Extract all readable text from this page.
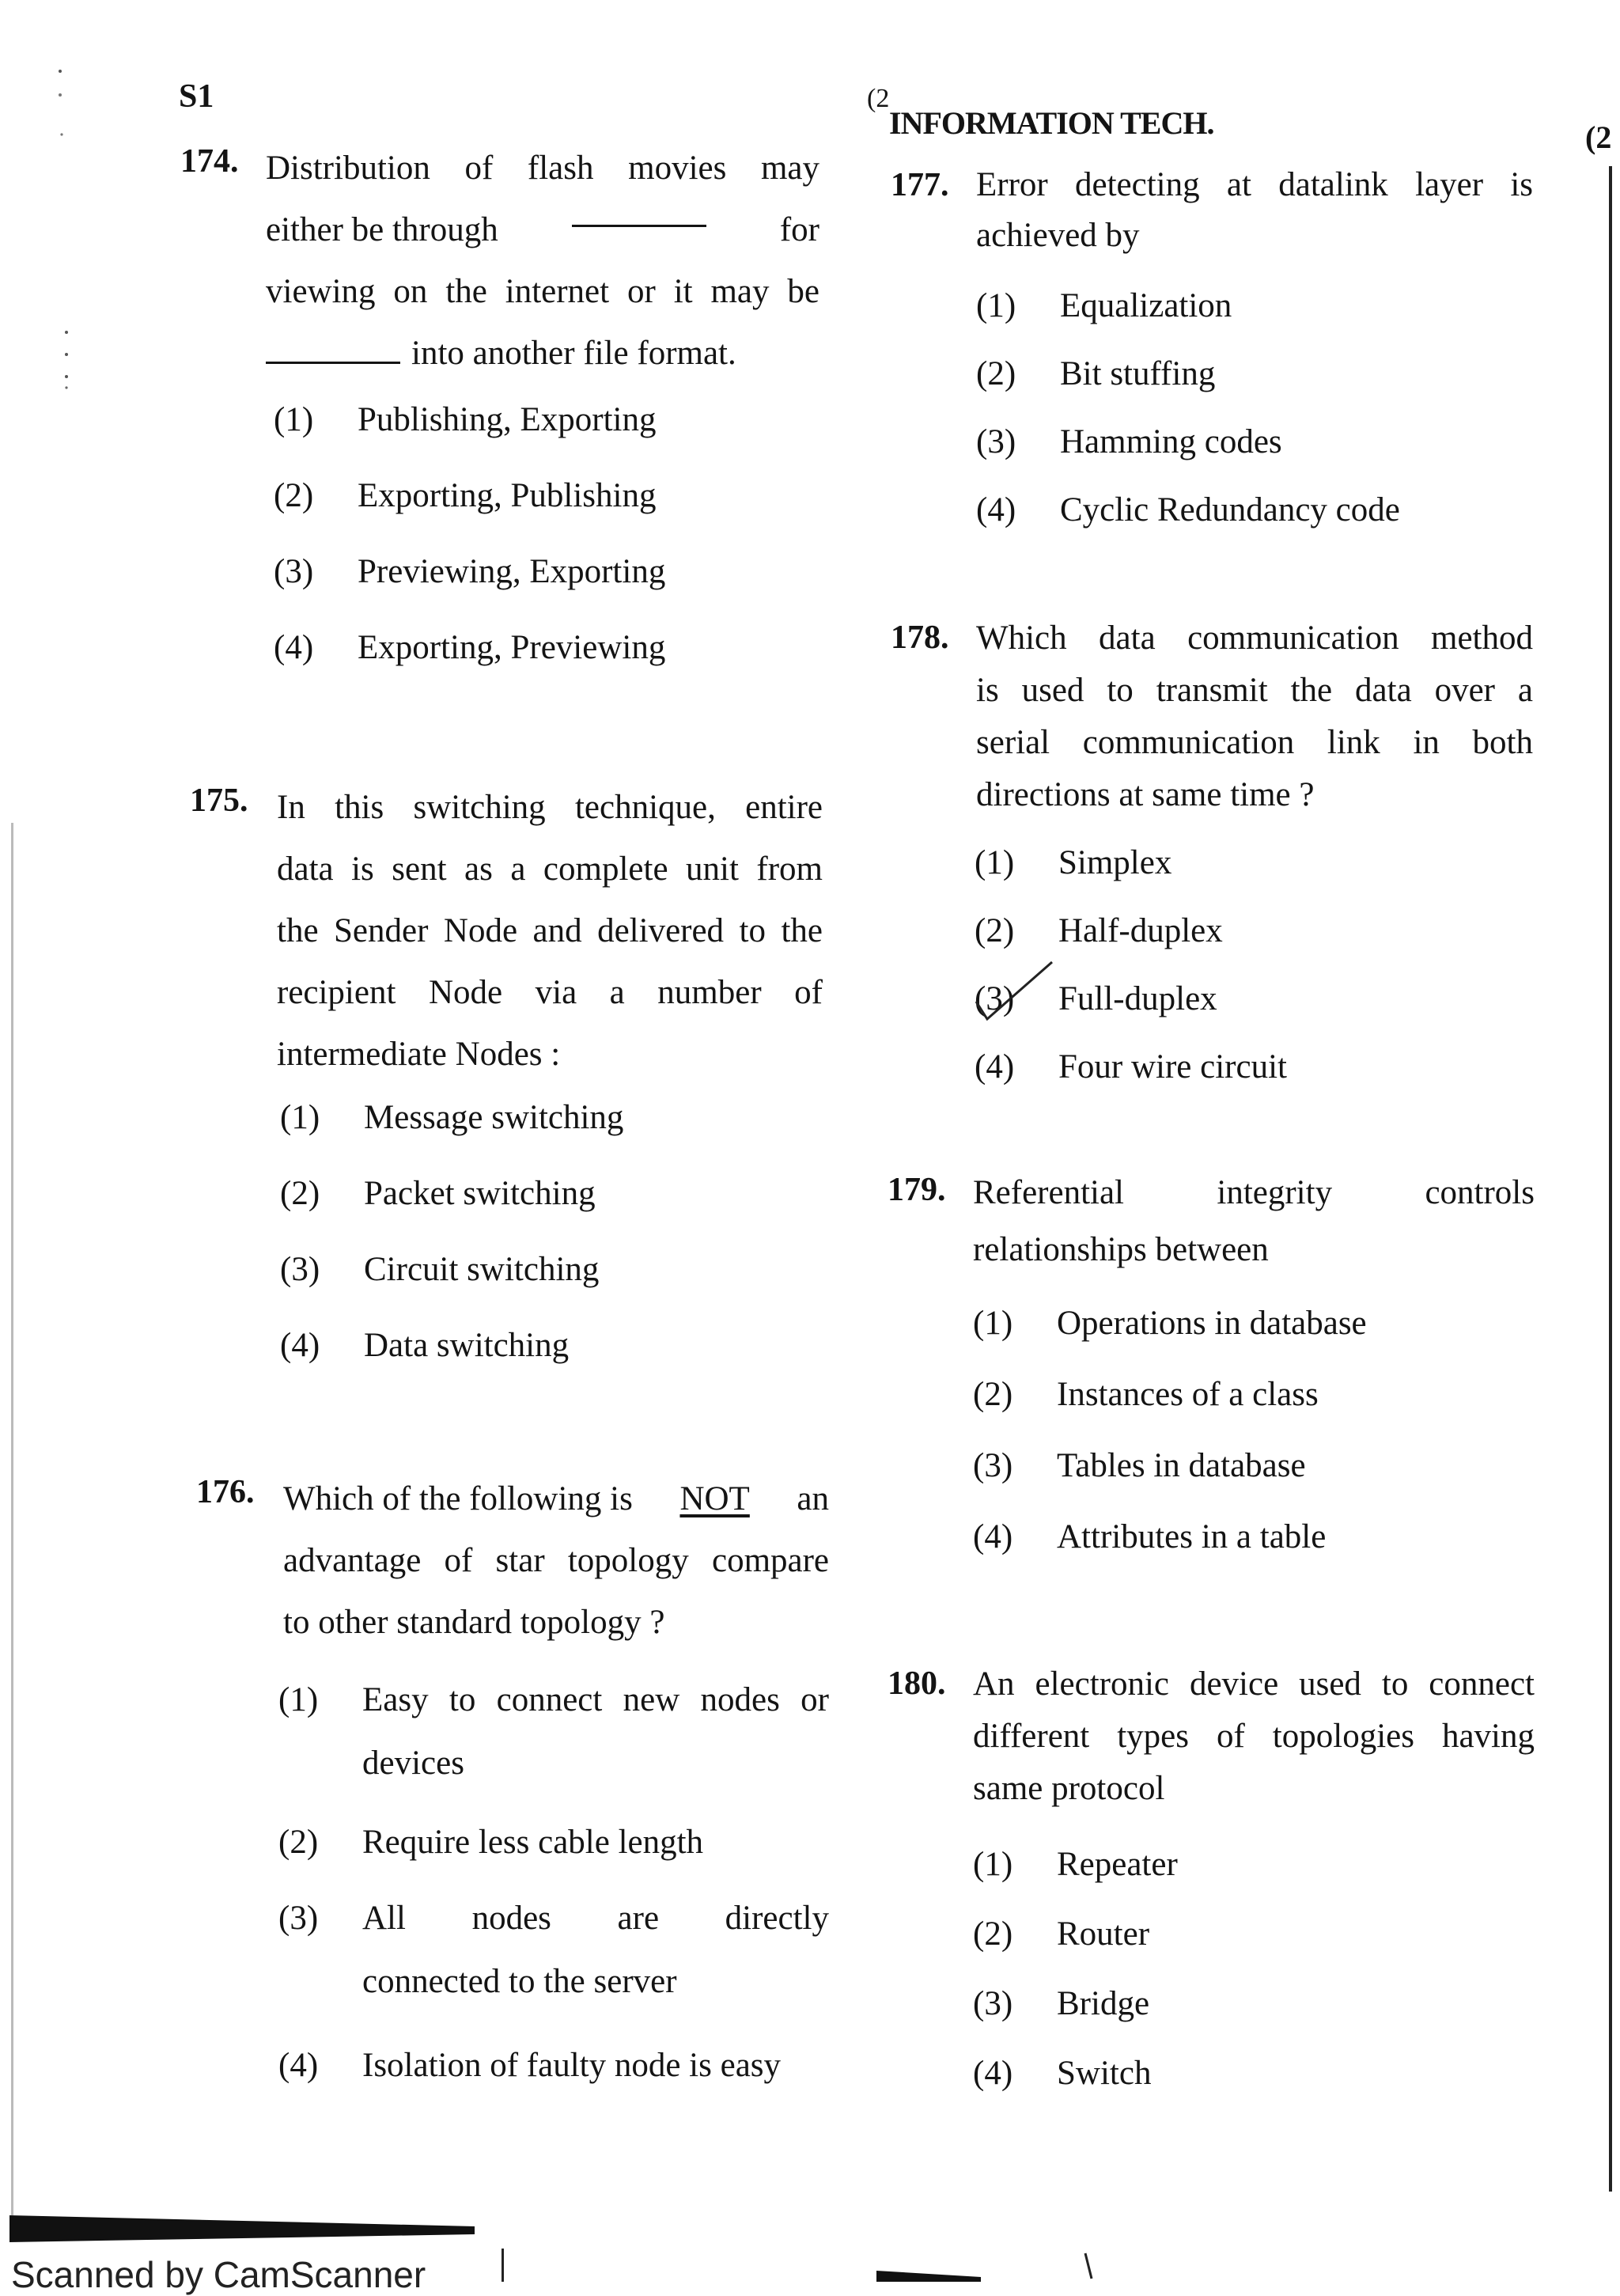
S1	(2
INFORMATION TECH.	(2
174. Distribution of flash movies may
either be through	for
viewing on the internet or it may be
into another file format.
(1) Publishing, Exporting
(2) Exporting, Publishing
(3) Previewing, Exporting
(4) Exporting, Previewing
175. In this switching technique, entire
data is sent as a complete unit from
the Sender Node and delivered to the
recipient Node via a number of
intermediate Nodes :
(1) Message switching
(2) Packet switching
(3) Circuit switching
(4) Data switching
176. Which of the following is NOT an
advantage of star topology compare
to other standard topology ?
(1) Easy to connect new nodes or
devices
(2) Require less cable length
(3) All nodes are directly
connected to the server
(4) Isolation of faulty node is easy
177. Error detecting at datalink layer is
achieved by
(1) Equalization
(2) Bit stuffing
(3) Hamming codes
(4) Cyclic Redundancy code
178. Which data communication method
is used to transmit the data over a
serial communication link in both
directions at same time ?
(1) Simplex
(2) Half-duplex
(3) Full-duplex
(4) Four wire circuit
179. Referential integrity controls
relationships between
(1) Operations in database
(2) Instances of a class
(3) Tables in database
(4) Attributes in a table
180. An electronic device used to connect
different types of topologies having
same protocol
(1) Repeater
(2) Router
(3) Bridge
(4) Switch
Scanned by CamScanner
